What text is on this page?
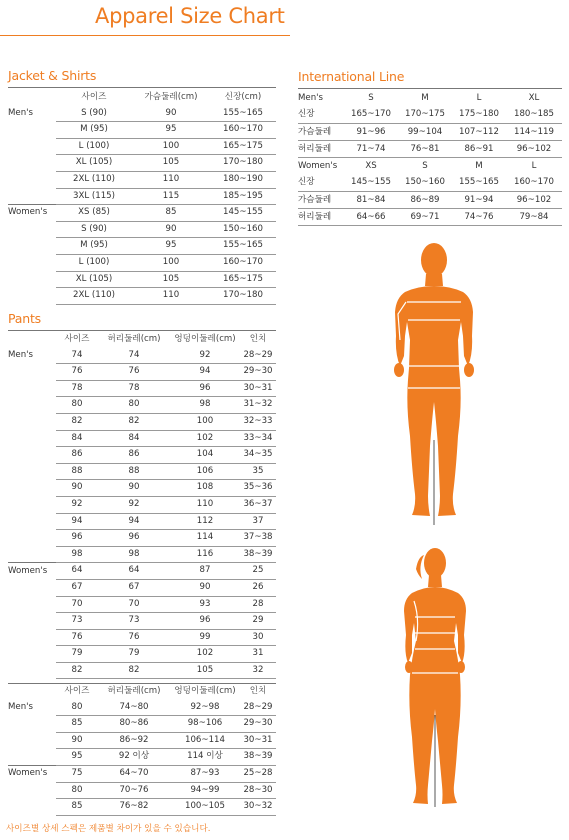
Apparel Size Chart
Jacket & Shirts
	사이즈	가슴둘레(cm)	신장(cm)
Men's	S (90)	90	155~165
	M (95)	95	160~170
	L (100)	100	165~175
	XL (105)	105	170~180
	2XL (110)	110	180~190
	3XL (115)	115	185~195
Women's	XS (85)	85	145~155
	S (90)	90	150~160
	M (95)	95	155~165
	L (100)	100	160~170
	XL (105)	105	165~175
	2XL (110)	110	170~180
Pants
	사이즈	허리둘레(cm)	엉덩이둘레(cm)	인치
Men's	74	74	92	28~29
	76	76	94	29~30
	78	78	96	30~31
	80	80	98	31~32
	82	82	100	32~33
	84	84	102	33~34
	86	86	104	34~35
	88	88	106	35
	90	90	108	35~36
	92	92	110	36~37
	94	94	112	37
	96	96	114	37~38
	98	98	116	38~39
Women's	64	64	87	25
	67	67	90	26
	70	70	93	28
	73	73	96	29
	76	76	99	30
	79	79	102	31
	82	82	105	32
	사이즈	허리둘레(cm)	엉덩이둘레(cm)	인치
Men's	80	74~80	92~98	28~29
	85	80~86	98~106	29~30
	90	86~92	106~114	30~31
	95	92 이상	114 이상	38~39
Women's	75	64~70	87~93	25~28
	80	70~76	94~99	28~30
	85	76~82	100~105	30~32
International Line
Men's	S	M	L	XL
신장	165~170	170~175	175~180	180~185
가슴둘레	91~96	99~104	107~112	114~119
허리둘레	71~74	76~81	86~91	96~102
Women's	XS	S	M	L
신장	145~155	150~160	155~165	160~170
가슴둘레	81~84	86~89	91~94	96~102
허리둘레	64~66	69~71	74~76	79~84
사이즈별 상세 스펙은 제품별 차이가 있을 수 있습니다.
